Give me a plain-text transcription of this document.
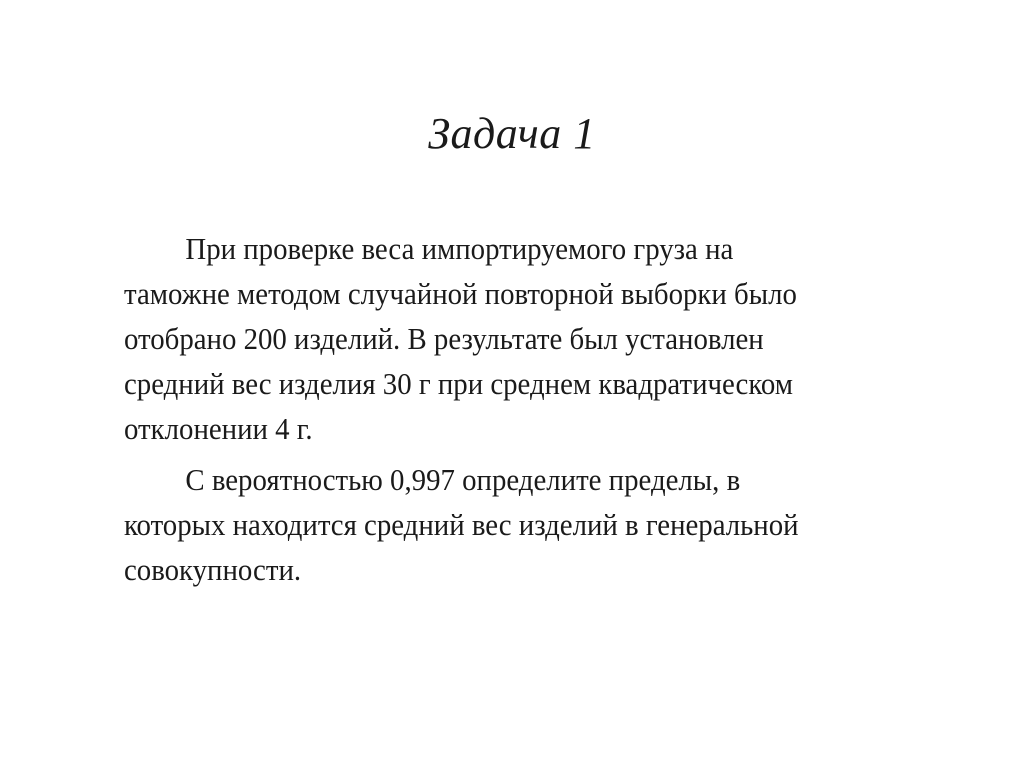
Задача 1

При проверке веса импортируемого груза на
таможне методом случайной повторной выборки было
отобрано 200 изделий. В результате был установлен
средний вес изделия 30 г при среднем квадратическом
отклонении 4 г.

С вероятностью 0,997 определите пределы, в
которых находится средний вес изделий в генеральной
совокупности.
